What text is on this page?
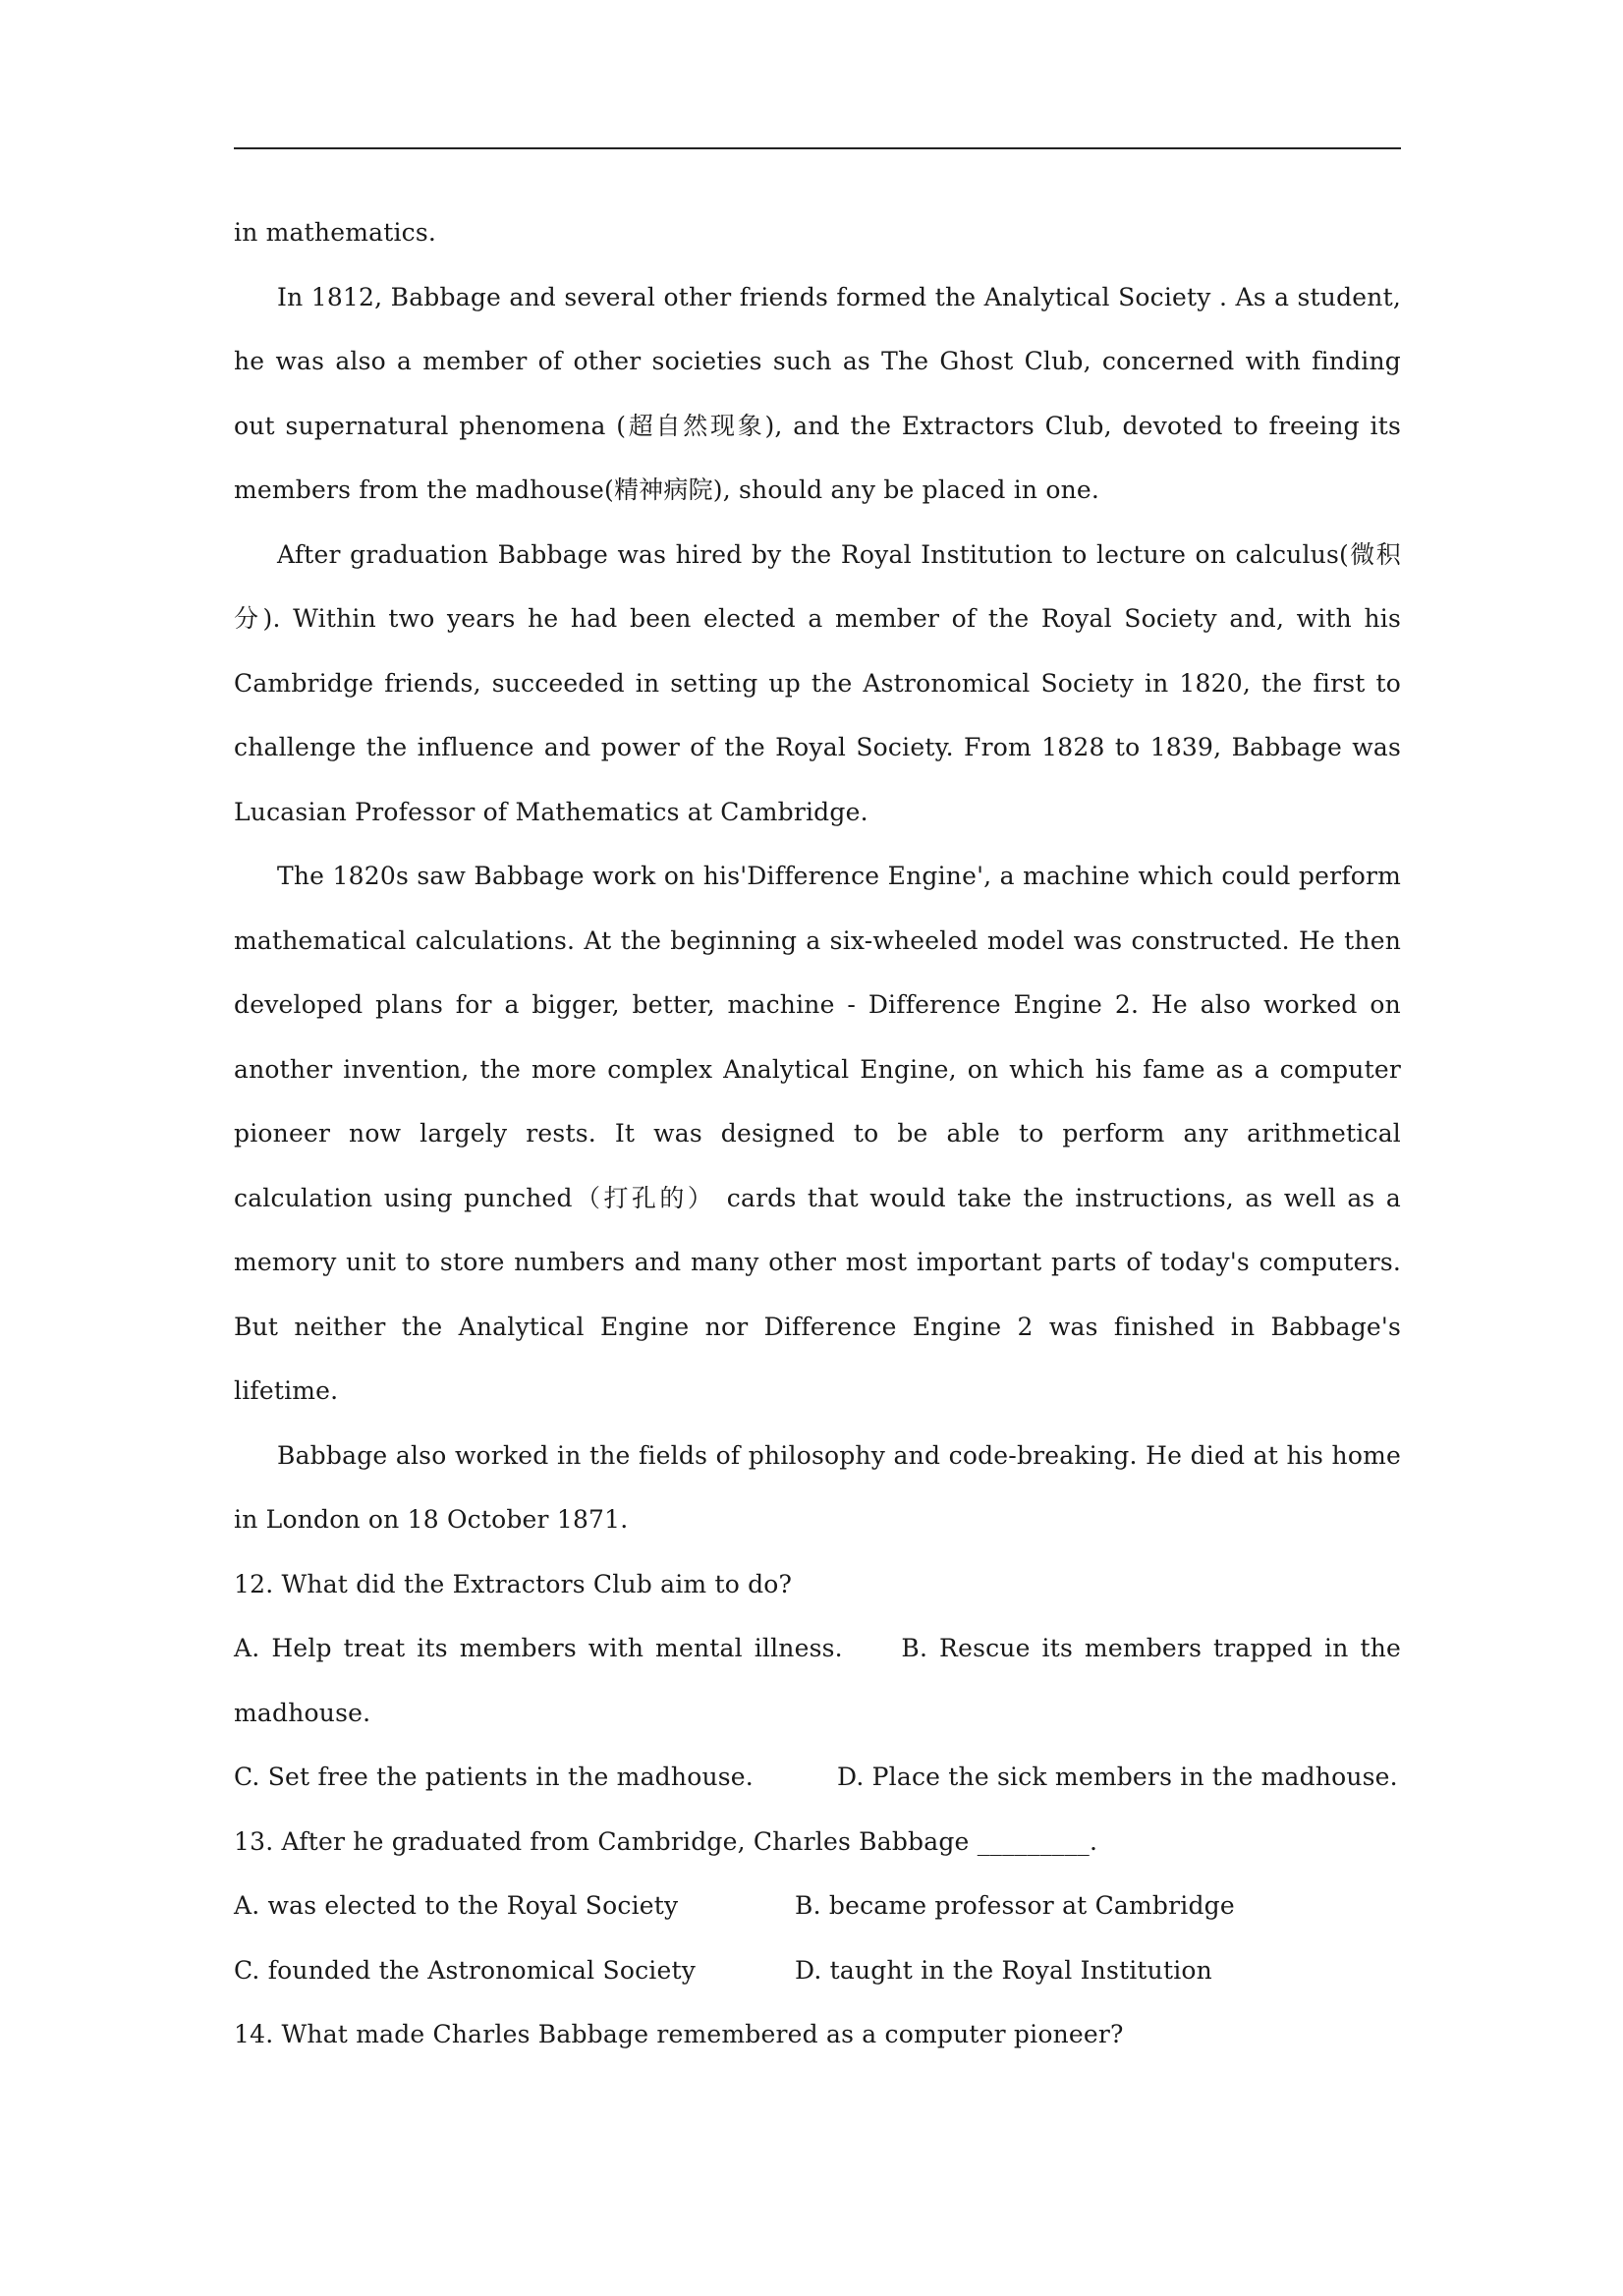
in mathematics.

In 1812, Babbage and several other friends formed the Analytical Society . As a student, he was also a member of other societies such as The Ghost Club, concerned with finding out supernatural phenomena (超自然现象), and the Extractors Club, devoted to freeing its members from the madhouse(精神病院), should any be placed in one.

After graduation Babbage was hired by the Royal Institution to lecture on calculus(微积分). Within two years he had been elected a member of the Royal Society and, with his Cambridge friends, succeeded in setting up the Astronomical Society in 1820, the first to challenge the influence and power of the Royal Society. From 1828 to 1839, Babbage was Lucasian Professor of Mathematics at Cambridge.

The 1820s saw Babbage work on his'Difference Engine', a machine which could perform mathematical calculations. At the beginning a six-wheeled model was constructed. He then developed plans for a bigger, better, machine - Difference Engine 2. He also worked on another invention, the more complex Analytical Engine, on which his fame as a computer pioneer now largely rests. It was designed to be able to perform any arithmetical calculation using punched（打孔的） cards that would take the instructions, as well as a memory unit to store numbers and many other most important parts of today's computers. But neither the Analytical Engine nor Difference Engine 2 was finished in Babbage's lifetime.

Babbage also worked in the fields of philosophy and code-breaking. He died at his home in London on 18 October 1871.

12. What did the Extractors Club aim to do?

A. Help treat its members with mental illness. B. Rescue its members trapped in the madhouse.

C. Set free the patients in the madhouse.	D. Place the sick members in the madhouse.

13. After he graduated from Cambridge, Charles Babbage _________.

A. was elected to the Royal Society	B. became professor at Cambridge
C. founded the Astronomical Society	D. taught in the Royal Institution

14. What made Charles Babbage remembered as a computer pioneer?
